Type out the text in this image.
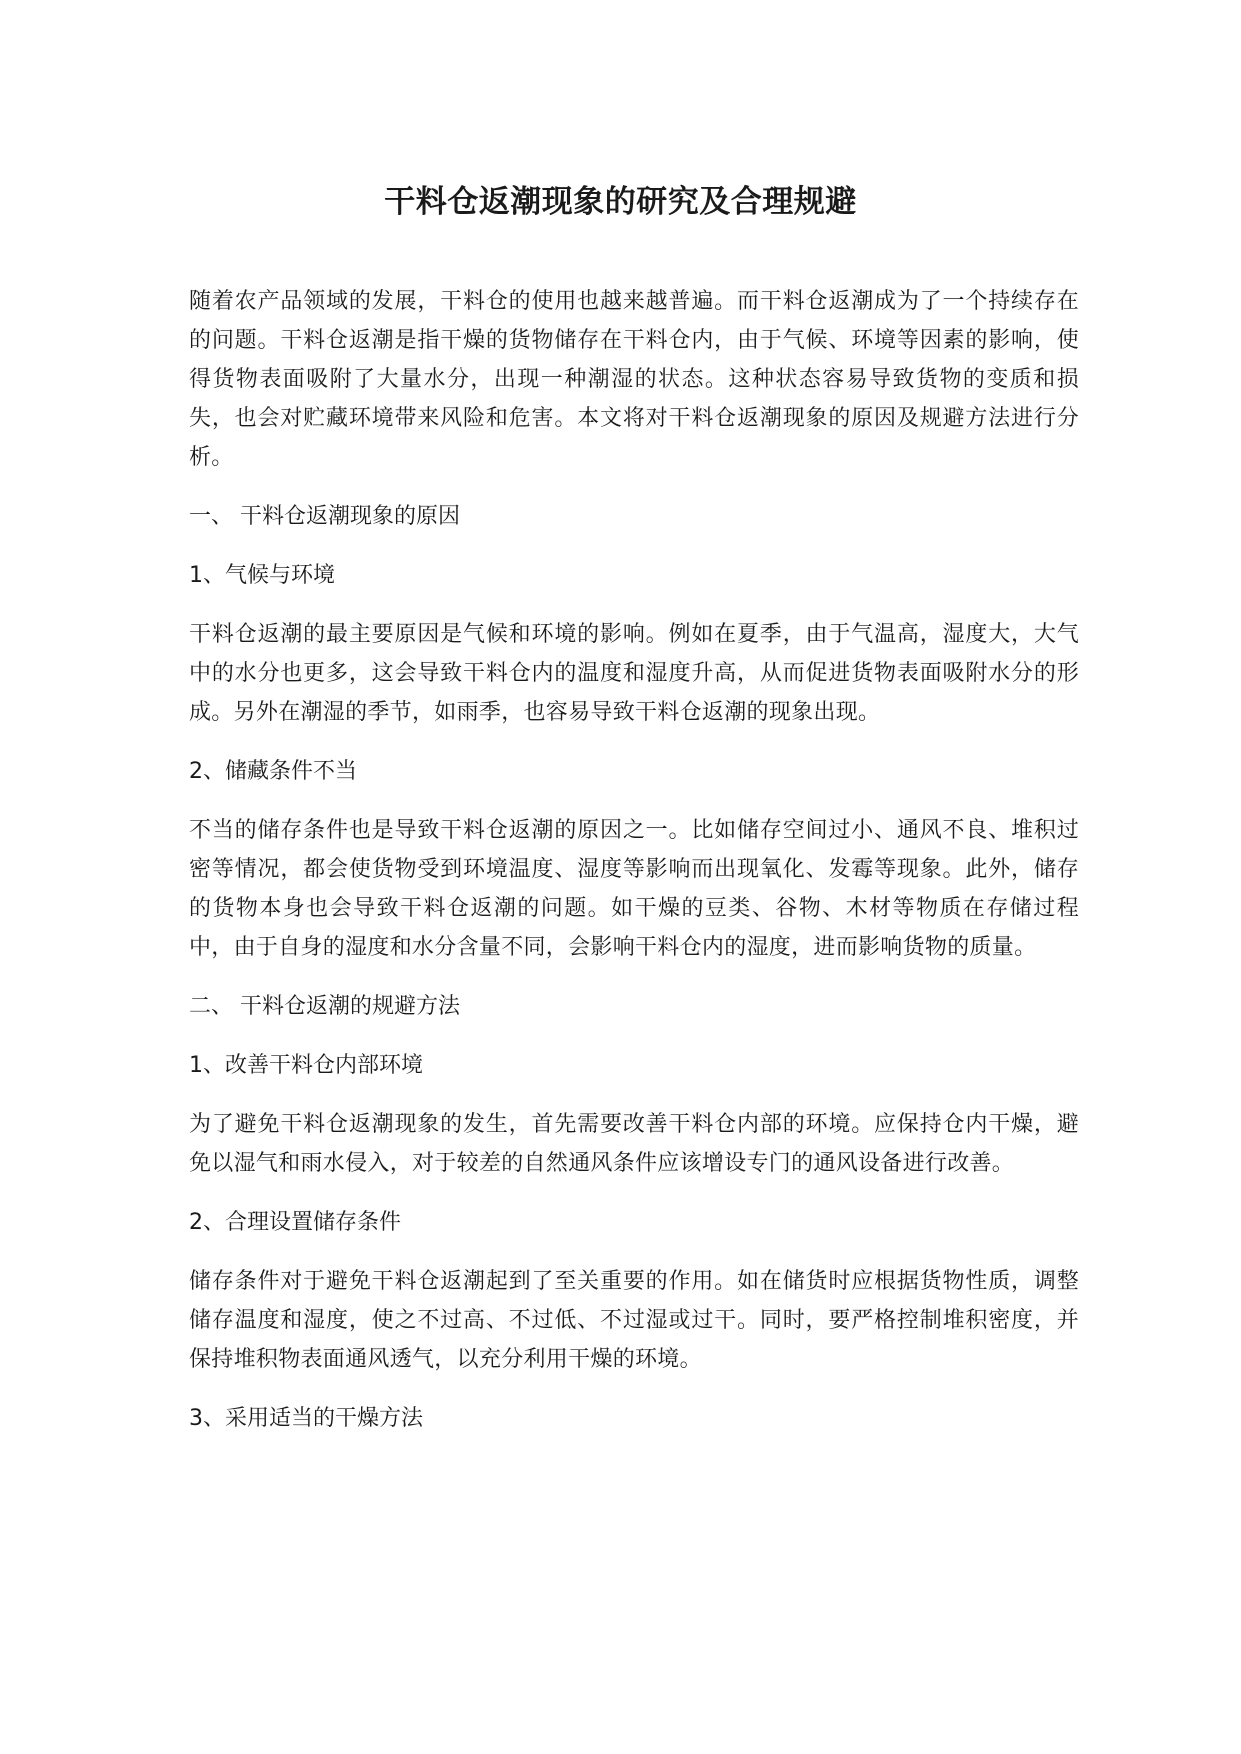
干料仓返潮现象的研究及合理规避

随着农产品领域的发展，干料仓的使用也越来越普遍。而干料仓返潮成为了一个持续存在的问题。干料仓返潮是指干燥的货物储存在干料仓内，由于气候、环境等因素的影响，使得货物表面吸附了大量水分，出现一种潮湿的状态。这种状态容易导致货物的变质和损失，也会对贮藏环境带来风险和危害。本文将对干料仓返潮现象的原因及规避方法进行分析。

一、 干料仓返潮现象的原因

1、气候与环境

干料仓返潮的最主要原因是气候和环境的影响。例如在夏季，由于气温高，湿度大，大气中的水分也更多，这会导致干料仓内的温度和湿度升高，从而促进货物表面吸附水分的形成。另外在潮湿的季节，如雨季，也容易导致干料仓返潮的现象出现。

2、储藏条件不当

不当的储存条件也是导致干料仓返潮的原因之一。比如储存空间过小、通风不良、堆积过密等情况，都会使货物受到环境温度、湿度等影响而出现氧化、发霉等现象。此外，储存的货物本身也会导致干料仓返潮的问题。如干燥的豆类、谷物、木材等物质在存储过程中，由于自身的湿度和水分含量不同，会影响干料仓内的湿度，进而影响货物的质量。

二、 干料仓返潮的规避方法

1、改善干料仓内部环境

为了避免干料仓返潮现象的发生，首先需要改善干料仓内部的环境。应保持仓内干燥，避免以湿气和雨水侵入，对于较差的自然通风条件应该增设专门的通风设备进行改善。

2、合理设置储存条件

储存条件对于避免干料仓返潮起到了至关重要的作用。如在储货时应根据货物性质，调整储存温度和湿度，使之不过高、不过低、不过湿或过干。同时，要严格控制堆积密度，并保持堆积物表面通风透气，以充分利用干燥的环境。

3、采用适当的干燥方法
